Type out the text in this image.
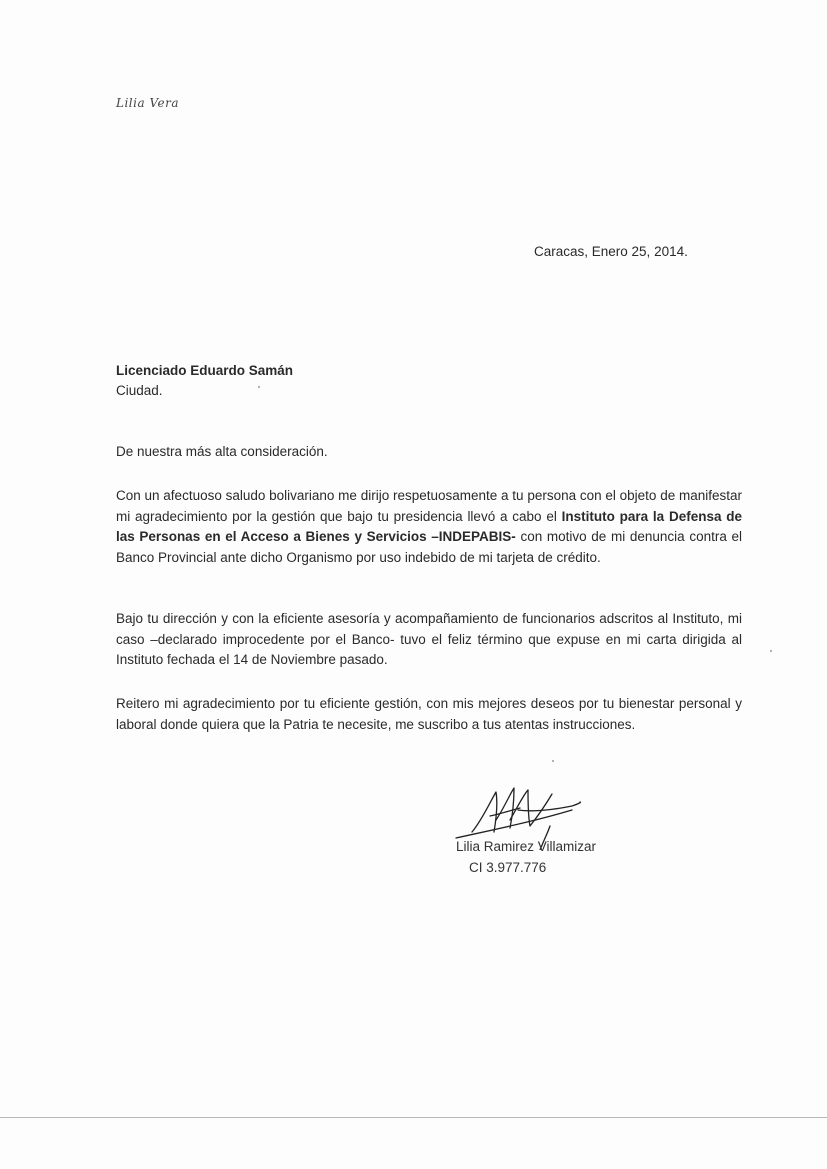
Lilia Vera
Caracas, Enero 25, 2014.
Licenciado Eduardo Samán
Ciudad.
De nuestra más alta consideración.
Con un afectuoso saludo bolivariano me dirijo respetuosamente a tu persona con el objeto de manifestar mi agradecimiento por la gestión que bajo tu presidencia llevó a cabo el Instituto para la Defensa de las Personas en el Acceso a Bienes y Servicios –INDEPABIS- con motivo de mi denuncia contra el Banco Provincial ante dicho Organismo por uso indebido de mi tarjeta de crédito.
Bajo tu dirección y con la eficiente asesoría y acompañamiento de funcionarios adscritos al Instituto, mi caso –declarado improcedente por el Banco- tuvo el feliz término que expuse en mi carta dirigida al Instituto fechada el 14 de Noviembre pasado.
Reitero mi agradecimiento por tu eficiente gestión, con mis mejores deseos por tu bienestar personal y laboral donde quiera que la Patria te necesite, me suscribo a tus atentas instrucciones.
Lilia Ramirez Villamizar
CI 3.977.776
